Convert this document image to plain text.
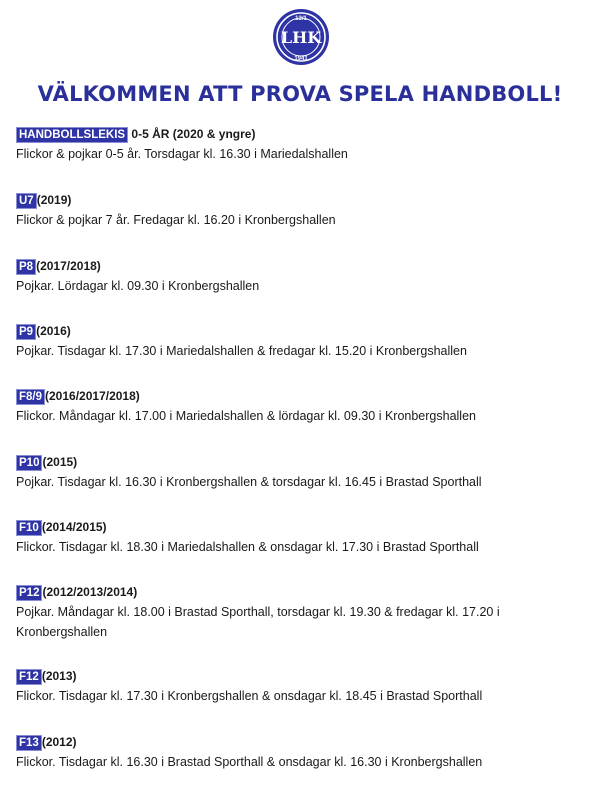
13/1
LHK
1941
VÄLKOMMEN ATT PROVA SPELA HANDBOLL!
HANDBOLLSLEKIS 0-5 ÅR (2020 & yngre)
Flickor & pojkar 0-5 år. Torsdagar kl. 16.30 i Mariedalshallen
U7 (2019)
Flickor & pojkar 7 år. Fredagar kl. 16.20 i Kronbergshallen
P8 (2017/2018)
Pojkar. Lördagar kl. 09.30 i Kronbergshallen
P9 (2016)
Pojkar. Tisdagar kl. 17.30 i Mariedalshallen & fredagar kl. 15.20 i Kronbergshallen
F8/9 (2016/2017/2018)
Flickor. Måndagar kl. 17.00 i Mariedalshallen & lördagar kl. 09.30 i Kronbergshallen
P10 (2015)
Pojkar. Tisdagar kl. 16.30 i Kronbergshallen & torsdagar kl. 16.45 i Brastad Sporthall
F10 (2014/2015)
Flickor. Tisdagar kl. 18.30 i Mariedalshallen & onsdagar kl. 17.30 i Brastad Sporthall
P12 (2012/2013/2014)
Pojkar. Måndagar kl. 18.00 i Brastad Sporthall, torsdagar kl. 19.30 & fredagar kl. 17.20 i Kronbergshallen
F12 (2013)
Flickor. Tisdagar kl. 17.30 i Kronbergshallen & onsdagar kl. 18.45 i Brastad Sporthall
F13 (2012)
Flickor. Tisdagar kl. 16.30 i Brastad Sporthall & onsdagar kl. 16.30 i Kronbergshallen
